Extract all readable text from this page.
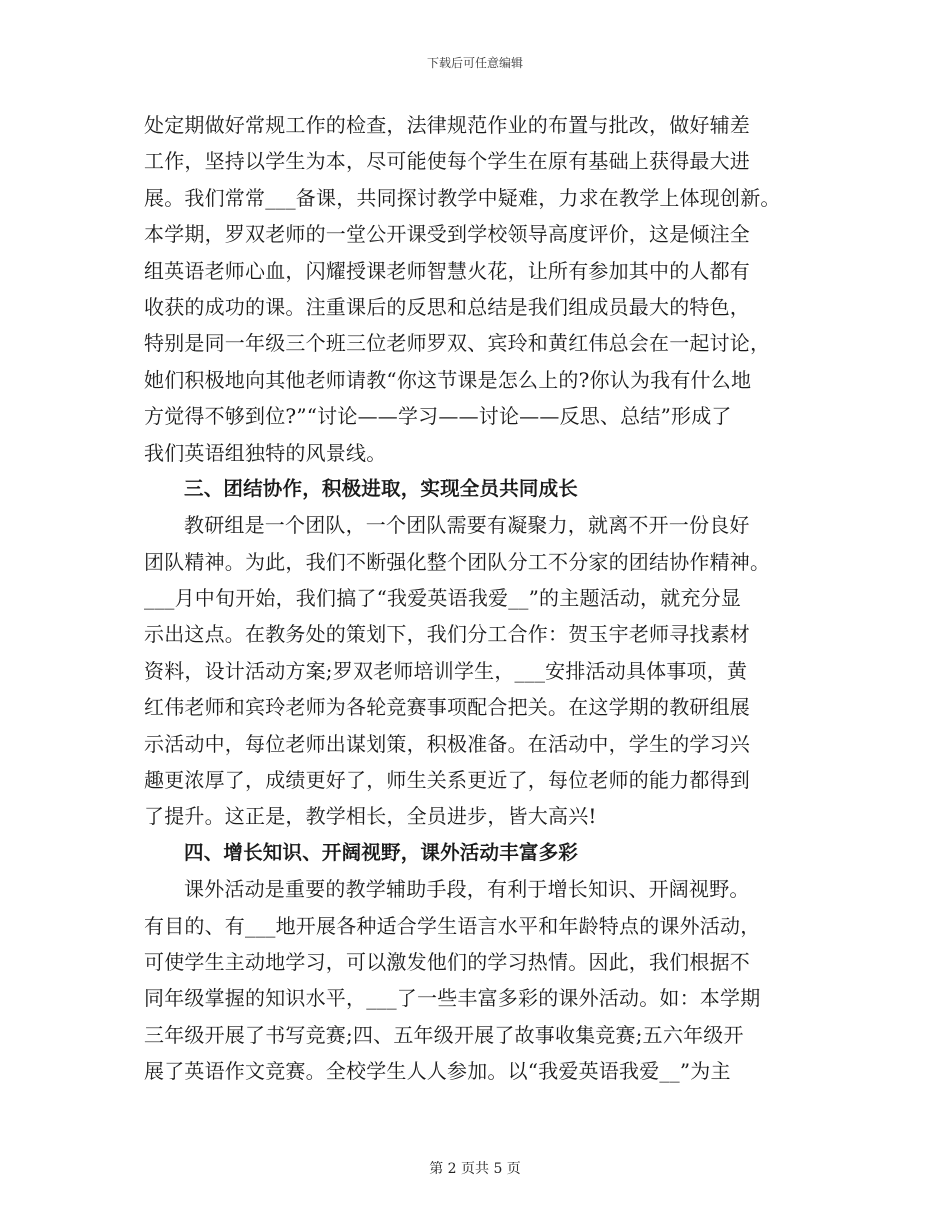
下载后可任意编辑
处定期做好常规工作的检查，法律规范作业的布置与批改，做好辅差
工作，坚持以学生为本，尽可能使每个学生在原有基础上获得最大进
展。我们常常___备课，共同探讨教学中疑难，力求在教学上体现创新。
本学期，罗双老师的一堂公开课受到学校领导高度评价，这是倾注全
组英语老师心血，闪耀授课老师智慧火花，让所有参加其中的人都有
收获的成功的课。注重课后的反思和总结是我们组成员最大的特色，
特别是同一年级三个班三位老师罗双、宾玲和黄红伟总会在一起讨论，
她们积极地向其他老师请教“你这节课是怎么上的?你认为我有什么地
方觉得不够到位?”“讨论——学习——讨论——反思、总结”形成了
我们英语组独特的风景线。
三、团结协作，积极进取，实现全员共同成长
教研组是一个团队，一个团队需要有凝聚力，就离不开一份良好
团队精神。为此，我们不断强化整个团队分工不分家的团结协作精神。
___月中旬开始，我们搞了“我爱英语我爱__”的主题活动，就充分显
示出这点。在教务处的策划下，我们分工合作：贺玉宇老师寻找素材
资料，设计活动方案;罗双老师培训学生，___安排活动具体事项，黄
红伟老师和宾玲老师为各轮竞赛事项配合把关。在这学期的教研组展
示活动中，每位老师出谋划策，积极准备。在活动中，学生的学习兴
趣更浓厚了，成绩更好了，师生关系更近了，每位老师的能力都得到
了提升。这正是，教学相长，全员进步，皆大高兴!
四、增长知识、开阔视野，课外活动丰富多彩
课外活动是重要的教学辅助手段，有利于增长知识、开阔视野。
有目的、有___地开展各种适合学生语言水平和年龄特点的课外活动，
可使学生主动地学习，可以激发他们的学习热情。因此，我们根据不
同年级掌握的知识水平，___了一些丰富多彩的课外活动。如：本学期
三年级开展了书写竞赛;四、五年级开展了故事收集竞赛;五六年级开
展了英语作文竞赛。全校学生人人参加。以“我爱英语我爱__”为主
第 2 页共 5 页
